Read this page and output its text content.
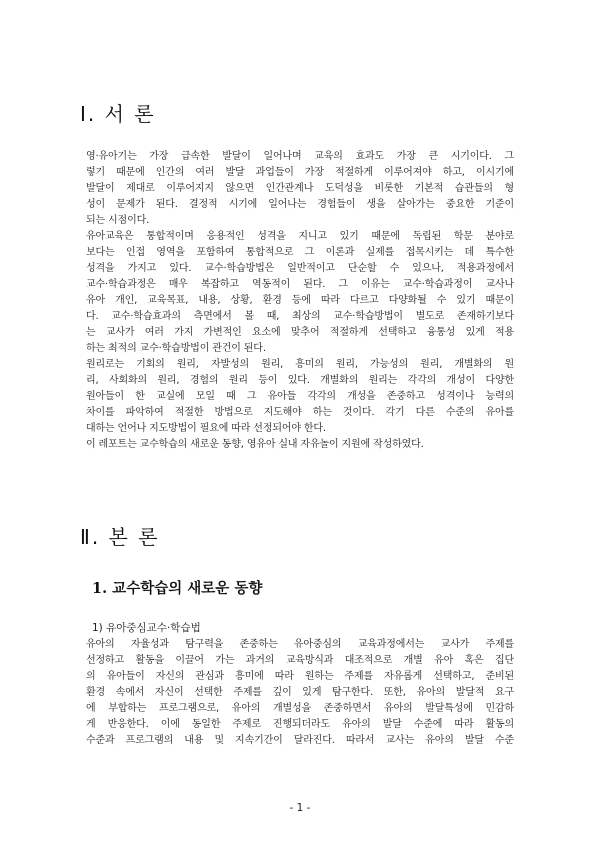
Ⅰ. 서 론
영·유아기는 가장 급속한 발달이 일어나며 교육의 효과도 가장 큰 시기이다. 그
렇기 때문에 인간의 여러 발달 과업들이 가장 적절하게 이루어져야 하고, 이시기에
발달이 제대로 이루어지지 않으면 인간관계나 도덕성을 비롯한 기본적 습관들의 형
성이 문제가 된다. 결정적 시기에 일어나는 경험들이 생을 살아가는 중요한 기준이
되는 시점이다.
유아교육은 통합적이며 응용적인 성격을 지니고 있기 때문에 독립된 학문 분야로
보다는 인접 영역을 포함하여 통합적으로 그 이론과 실제를 접목시키는 데 특수한
성격을 가지고 있다. 교수·학습방법은 일반적이고 단순할 수 있으나, 적용과정에서
교수·학습과정은 매우 복잡하고 역동적이 된다. 그 이유는 교수·학습과정이 교사나
유아 개인, 교육목표, 내용, 상황, 환경 등에 따라 다르고 다양화될 수 있기 때문이
다. 교수·학습효과의 측면에서 볼 때, 최상의 교수·학습방법이 별도로 존재하기보다
는 교사가 여러 가지 가변적인 요소에 맞추어 적절하게 선택하고 융통성 있게 적용
하는 최적의 교수·학습방법이 관건이 된다.
원리로는 기회의 원리, 자발성의 원리, 흥미의 원리, 가능성의 원리, 개별화의 원
리, 사회화의 원리, 경험의 원리 등이 있다. 개별화의 원리는 각각의 개성이 다양한
원아들이 한 교실에 모일 때 그 유아들 각각의 개성을 존중하고 성격이나 능력의
차이를 파악하여 적절한 방법으로 지도해야 하는 것이다. 각기 다른 수준의 유아를
대하는 언어나 지도방법이 필요에 따라 선정되어야 한다.
이 레포트는 교수학습의 새로운 동향, 영유아 실내 자유놀이 지원에 작성하였다.
Ⅱ. 본 론
1. 교수학습의 새로운 동향
1) 유아중심교수·학습법
유아의 자율성과 탐구력을 존중하는 유아중심의 교육과정에서는 교사가 주제를
선정하고 활동을 이끌어 가는 과거의 교육방식과 대조적으로 개별 유아 혹은 집단
의 유아들이 자신의 관심과 흥미에 따라 원하는 주제를 자유롭게 선택하고, 준비된
환경 속에서 자신이 선택한 주제를 깊이 있게 탐구한다. 또한, 유아의 발달적 요구
에 부합하는 프로그램으로, 유아의 개별성을 존중하면서 유아의 발달특성에 민감하
게 반응한다. 이에 동일한 주제로 진행되더라도 유아의 발달 수준에 따라 활동의
수준과 프로그램의 내용 및 지속기간이 달라진다. 따라서 교사는 유아의 발달 수준
- 1 -
